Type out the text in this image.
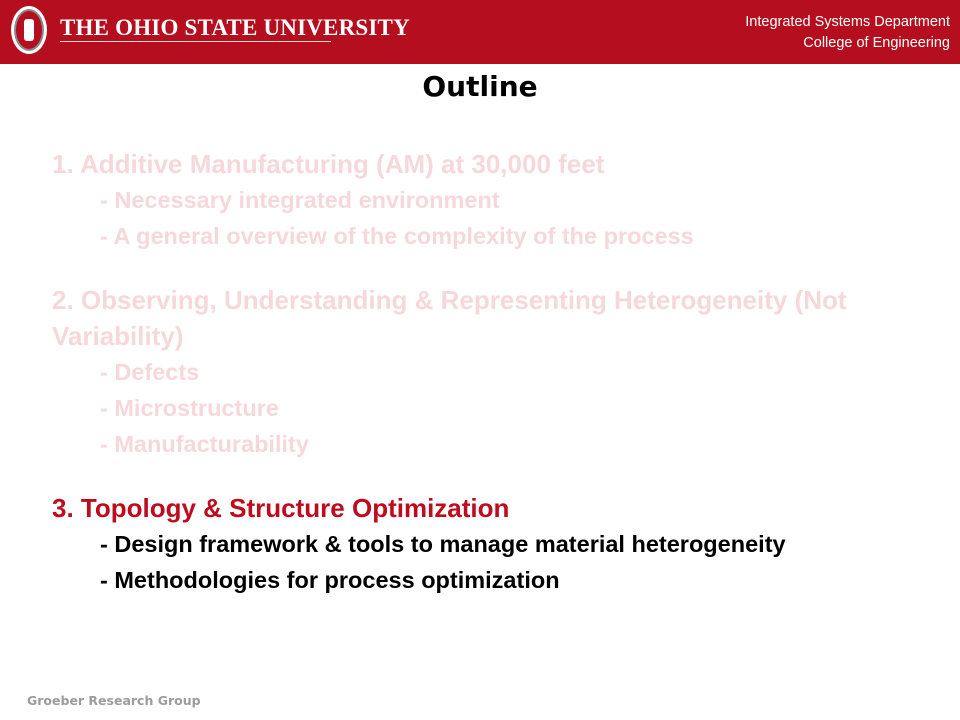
THE OHIO STATE UNIVERSITY	Integrated Systems Department
College of Engineering
Outline
1. Additive Manufacturing (AM) at 30,000 feet
- Necessary integrated environment
- A general overview of the complexity of the process
2. Observing, Understanding & Representing Heterogeneity (Not Variability)
- Defects
- Microstructure
- Manufacturability
3. Topology & Structure Optimization
- Design framework & tools to manage material heterogeneity
- Methodologies for process optimization
Groeber Research Group
